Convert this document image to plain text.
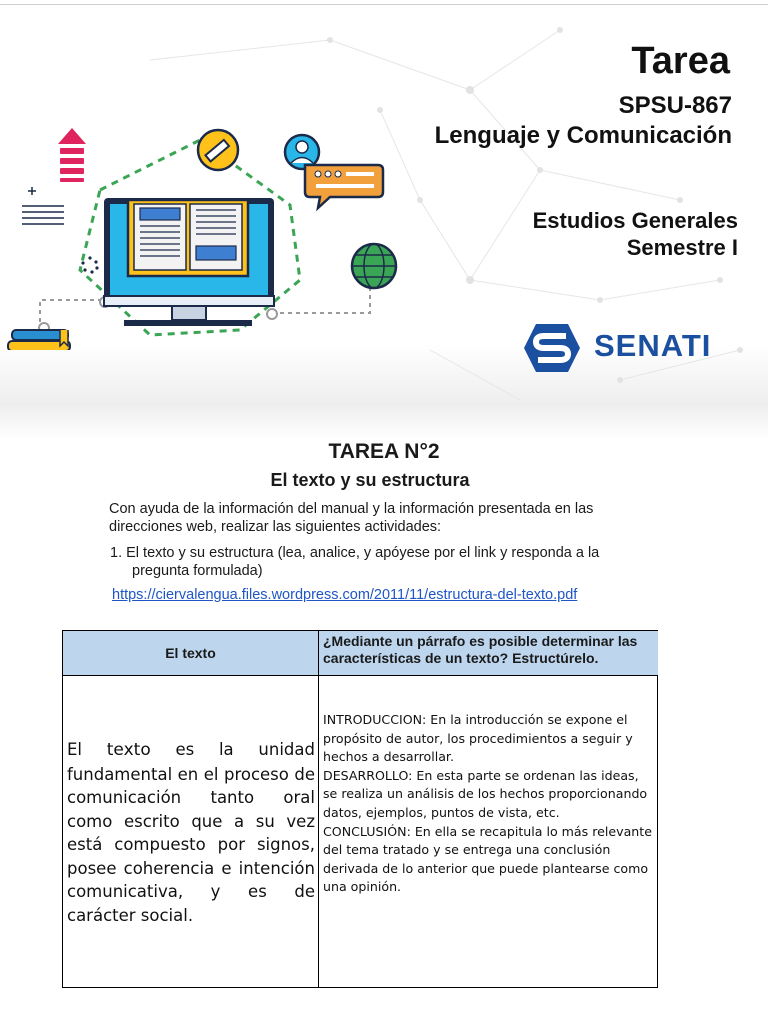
Tarea
SPSU-867
Lenguaje y Comunicación
Estudios Generales
Semestre I
SENATI
TAREA N°2
El texto y su estructura
Con ayuda de la información del manual y la información presentada en las direcciones web, realizar las siguientes actividades:
1. El texto y su estructura (lea, analice, y apóyese por el link y responda a la
pregunta formulada)
https://ciervalengua.files.wordpress.com/2011/11/estructura-del-texto.pdf
El texto
¿Mediante un párrafo es posible determinar las características de un texto? Estructúrelo.
El texto es la unidad fundamental en el proceso de comunicación tanto oral como escrito que a su vez está compuesto por signos, posee coherencia e intención comunicativa, y es de carácter social.

INTRODUCCION: En la introducción se expone el propósito de autor, los procedimientos a seguir y hechos a desarrollar.

DESARROLLO: En esta parte se ordenan las ideas, se realiza un análisis de los hechos proporcionando datos, ejemplos, puntos de vista, etc.

CONCLUSIÓN: En ella se recapitula lo más relevante del tema tratado y se entrega una conclusión derivada de lo anterior que puede plantearse como una opinión.
